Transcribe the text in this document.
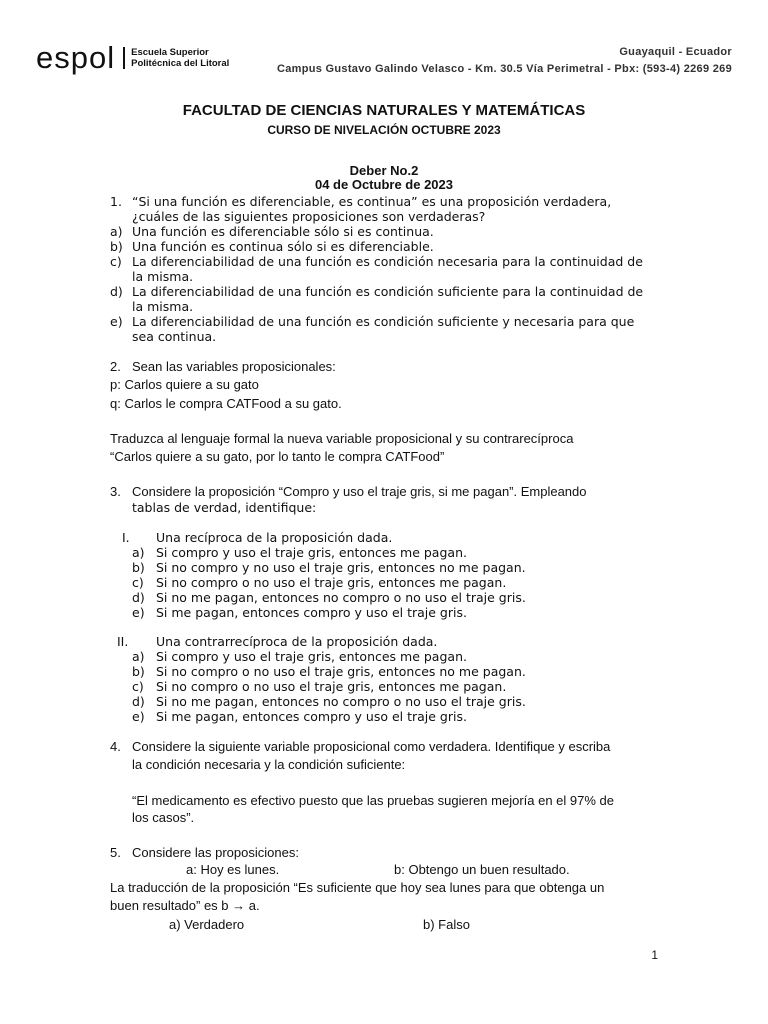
espol Escuela Superior
Politécnica del Litoral
Guayaquil - Ecuador
Campus Gustavo Galindo Velasco - Km. 30.5 Vía Perimetral - Pbx: (593-4) 2269 269
FACULTAD DE CIENCIAS NATURALES Y MATEMÁTICAS
CURSO DE NIVELACIÓN OCTUBRE 2023
Deber No.2
04 de Octubre de 2023
1. “Si una función es diferenciable, es continua” es una proposición verdadera,
¿cuáles de las siguientes proposiciones son verdaderas?
a) Una función es diferenciable sólo si es continua.
b) Una función es continua sólo si es diferenciable.
c) La diferenciabilidad de una función es condición necesaria para la continuidad de
la misma.
d) La diferenciabilidad de una función es condición suficiente para la continuidad de
la misma.
e) La diferenciabilidad de una función es condición suficiente y necesaria para que
sea continua.
2. Sean las variables proposicionales:
p: Carlos quiere a su gato
q: Carlos le compra CATFood a su gato.
Traduzca al lenguaje formal la nueva variable proposicional y su contrarecíproca
“Carlos quiere a su gato, por lo tanto le compra CATFood”
3. Considere la proposición “Compro y uso el traje gris, si me pagan”. Empleando
tablas de verdad, identifique:
I. Una recíproca de la proposición dada.
a) Si compro y uso el traje gris, entonces me pagan.
b) Si no compro y no uso el traje gris, entonces no me pagan.
c) Si no compro o no uso el traje gris, entonces me pagan.
d) Si no me pagan, entonces no compro o no uso el traje gris.
e) Si me pagan, entonces compro y uso el traje gris.
II. Una contrarrecíproca de la proposición dada.
a) Si compro y uso el traje gris, entonces me pagan.
b) Si no compro o no uso el traje gris, entonces no me pagan.
c) Si no compro o no uso el traje gris, entonces me pagan.
d) Si no me pagan, entonces no compro o no uso el traje gris.
e) Si me pagan, entonces compro y uso el traje gris.
4. Considere la siguiente variable proposicional como verdadera. Identifique y escriba
la condición necesaria y la condición suficiente:
“El medicamento es efectivo puesto que las pruebas sugieren mejoría en el 97% de
los casos”.
5. Considere las proposiciones:
a: Hoy es lunes.	b: Obtengo un buen resultado.
La traducción de la proposición “Es suficiente que hoy sea lunes para que obtenga un
buen resultado” es b → a.
a) Verdadero	b) Falso
1
